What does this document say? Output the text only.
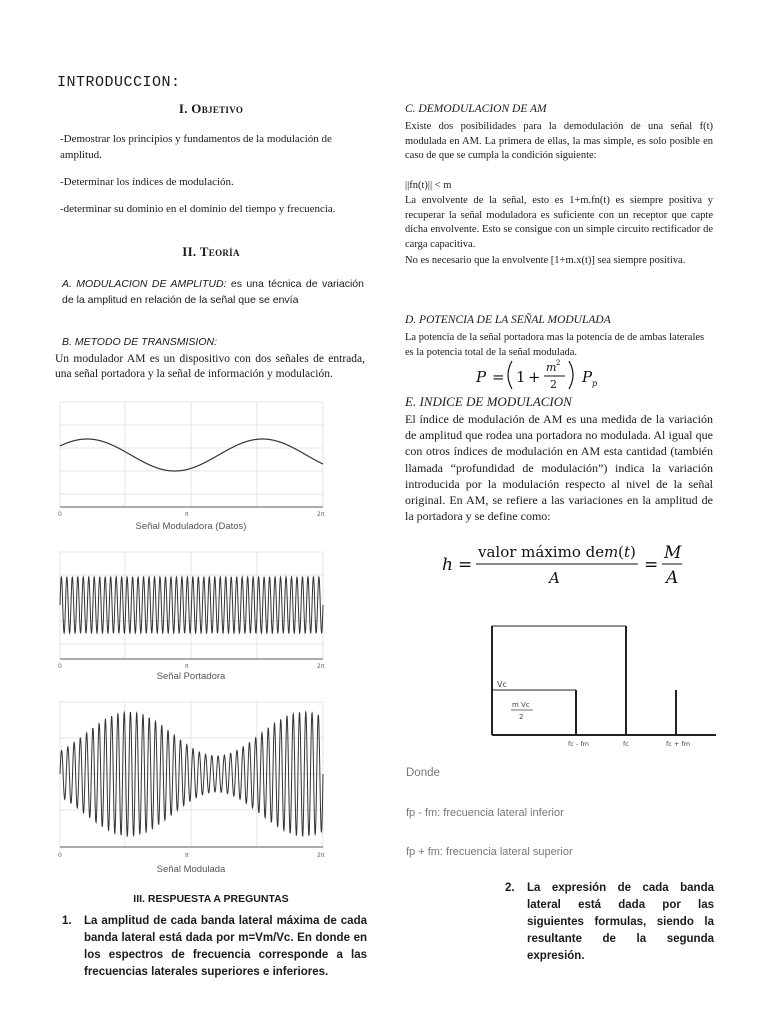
INTRODUCCION:
I. Objetivo

-Demostrar los principios y fundamentos de la modulación de amplitud.

-Determinar los índices de modulación.

-determinar su dominio en el dominio del tiempo y frecuencia.

II. Teoría

A. MODULACION DE AMPLITUD: es una técnica de variación de la amplitud en relación de la señal que se envía

B. METODO DE TRANSMISION:

Un modulador AM es un dispositivo con dos señales de entrada, una señal portadora y la señal de información y modulación.

0	π	2π
Señal Moduladora (Datos)
0	π	2π
Señal Portadora
0	π	2π
Señal Modulada
III. RESPUESTA A PREGUNTAS
1. La amplitud de cada banda lateral máxima de cada banda lateral está dada por m=Vm/Vc. En donde en los espectros de frecuencia corresponde a las frecuencias laterales superiores e inferiores.

C. DEMODULACION DE AM

Existe dos posibilidades para la demodulación de una señal f(t) modulada en AM. La primera de ellas, la mas simple, es solo posible en caso de que se cumpla la condición siguiente:

||fn(t)|| < m

La envolvente de la señal, esto es 1+m.fn(t) es siempre positiva y recuperar la señal moduladora es suficiente con un receptor que capte dicha envolvente. Esto se consigue con un simple circuito rectificador de carga capacitiva.

No es necesario que la envolvente [1+m.x(t)] sea siempre positiva.

D. POTENCIA DE LA SEÑAL MODULADA

La potencia de la señal portadora mas la potencia de de ambas laterales es la potencia total de la señal modulada.

P = 1 +
m 2
2 P p
E. INDICE DE MODULACION

El índice de modulación de AM es una medida de la variación de amplitud que rodea una portadora no modulada. Al igual que con otros índices de modulación en AM esta cantidad (también llamada “profundidad de modulación”) indica la variación introducida por la modulación respecto al nivel de la señal original. En AM, se refiere a las variaciones en la amplitud de la portadora y se define como:

h =
valor máximo de m ( t )
A
=
M
A
Vc
m Vc
2
fc - fm	fc	fc + fm
Donde
fp - fm: frecuencia lateral inferior
fp + fm: frecuencia lateral superior
2. La expresión de cada banda lateral está dada por las siguientes formulas, siendo la resultante de la segunda expresión.
